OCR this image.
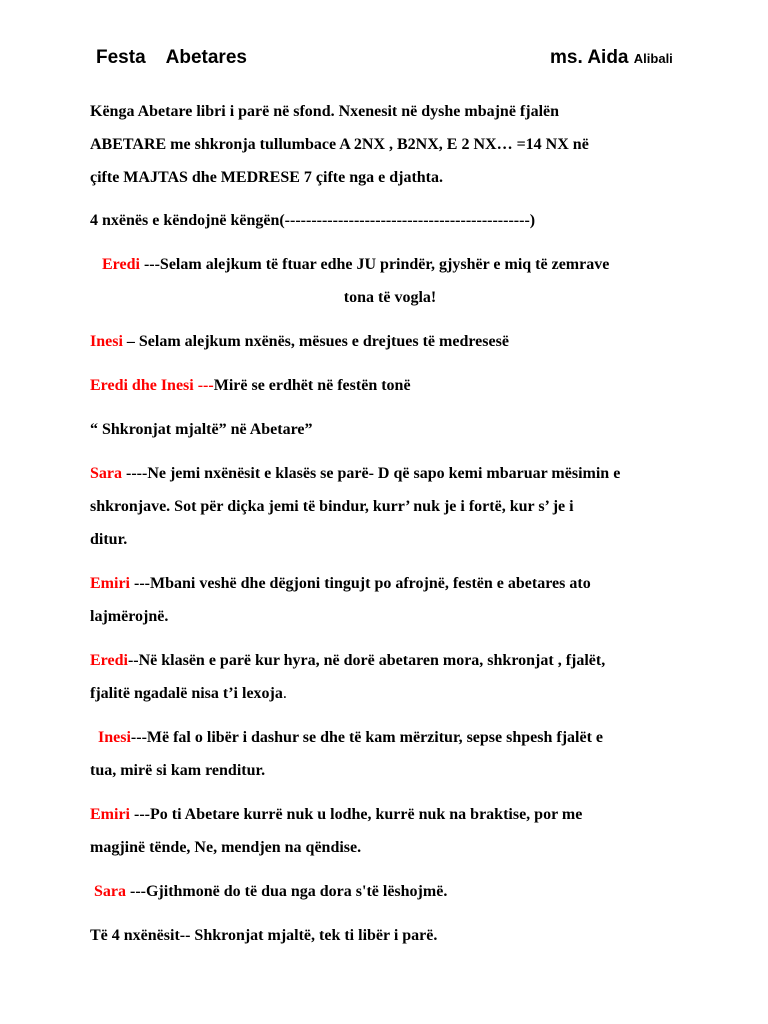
Festa Abetares	ms. Aida Alibali

Kënga Abetare libri i parë në sfond. Nxenesit në dyshe mbajnë fjalën
ABETARE me shkronja tullumbace A 2NX , B2NX, E 2 NX… =14 NX në
çifte MAJTAS dhe MEDRESE 7 çifte nga e djathta.

4 nxënës e këndojnë këngën(----------------------------------------------)

Eredi ---Selam alejkum të ftuar edhe JU prindër, gjyshër e miq të zemrave

tona të vogla!

Inesi – Selam alejkum nxënës, mësues e drejtues të medresesë

Eredi dhe Inesi ---Mirë se erdhët në festën tonë

“ Shkronjat mjaltë” në Abetare”

Sara ----Ne jemi nxënësit e klasës se parë- D që sapo kemi mbaruar mësimin e
shkronjave. Sot për diçka jemi të bindur, kurr’ nuk je i fortë, kur s’ je i
ditur.

Emiri ---Mbani veshë dhe dëgjoni tingujt po afrojnë, festën e abetares ato
lajmërojnë.

Eredi--Në klasën e parë kur hyra, në dorë abetaren mora, shkronjat , fjalët,
fjalitë ngadalë nisa t’i lexoja.

Inesi---Më fal o libër i dashur se dhe të kam mërzitur, sepse shpesh fjalët e
tua, mirë si kam renditur.

Emiri ---Po ti Abetare kurrë nuk u lodhe, kurrë nuk na braktise, por me
magjinë tënde, Ne, mendjen na qëndise.

Sara ---Gjithmonë do të dua nga dora s'të lëshojmë.

Të 4 nxënësit-- Shkronjat mjaltë, tek ti libër i parë.
